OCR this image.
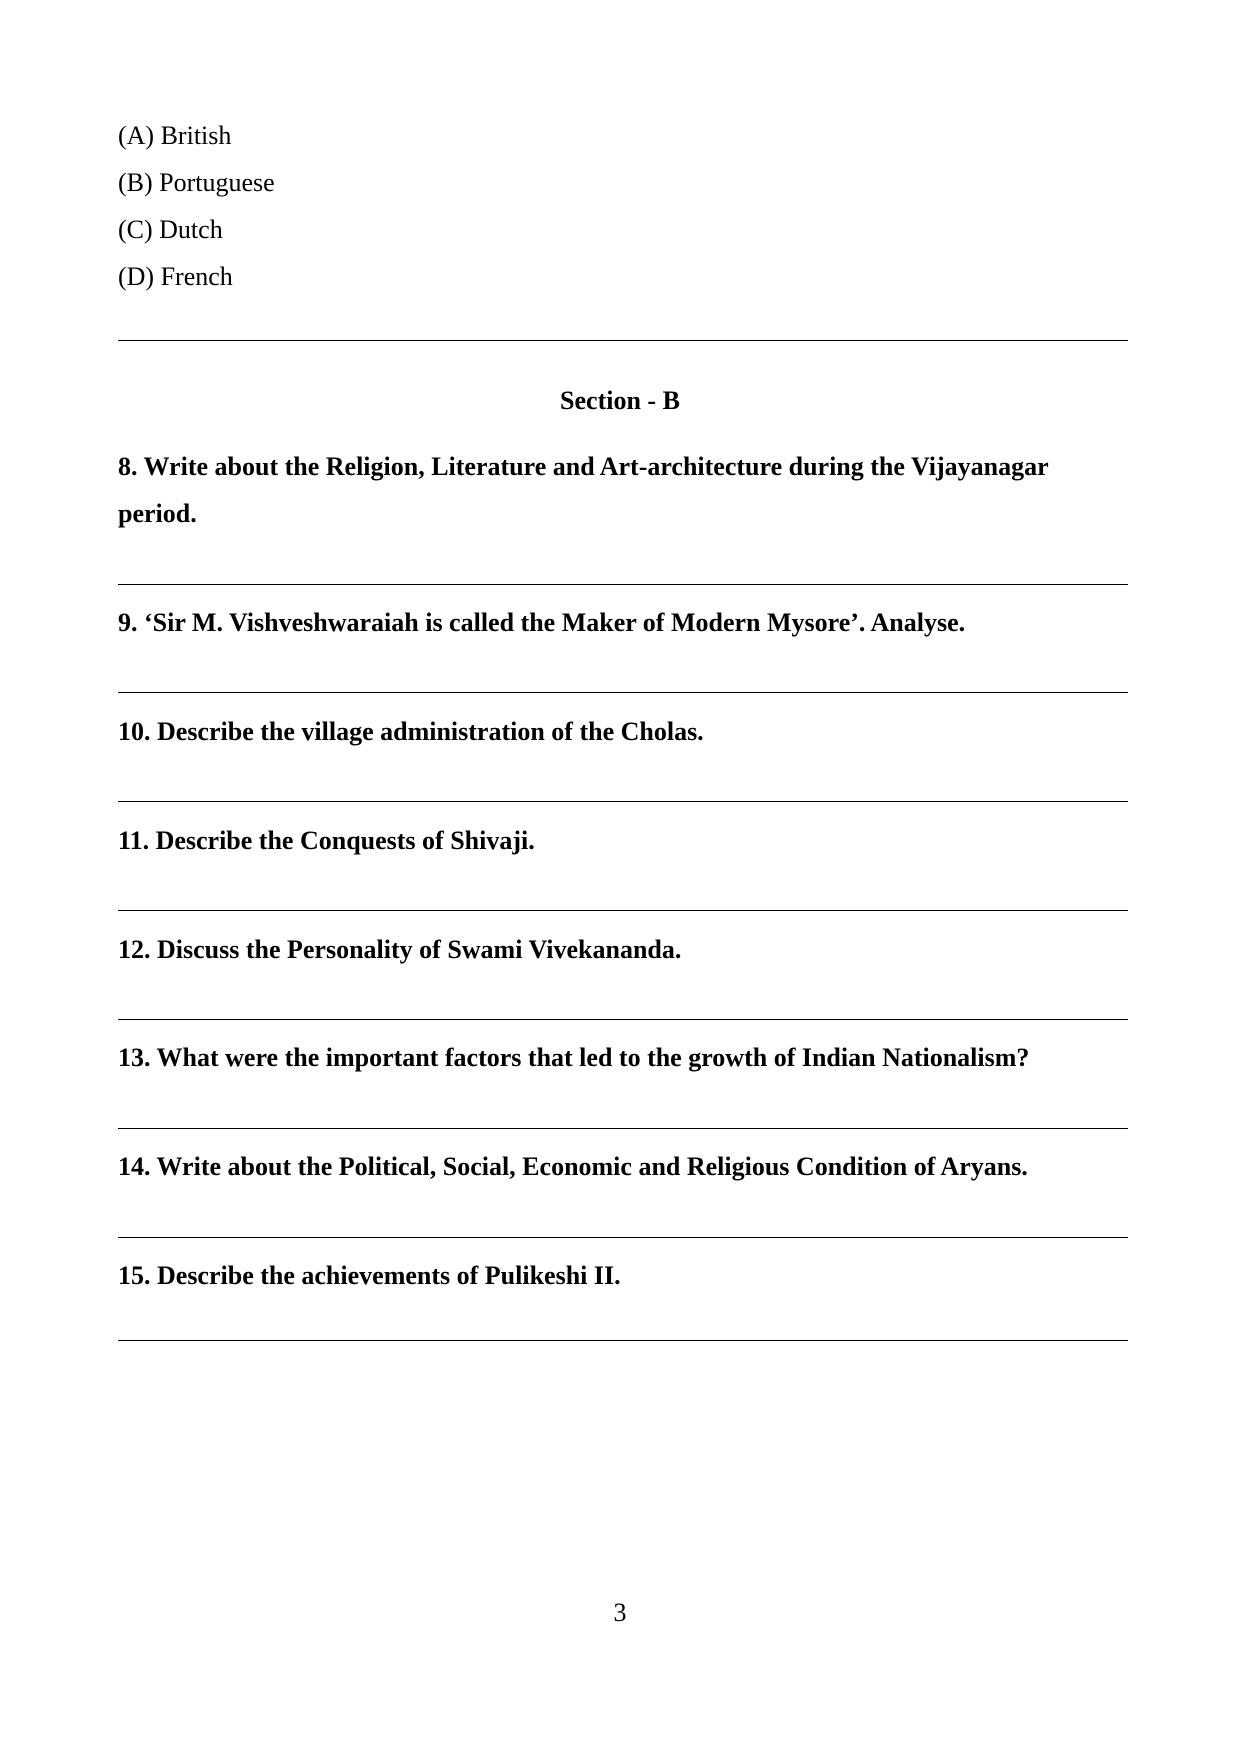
(A) British
(B) Portuguese
(C) Dutch
(D) French
Section - B

8. Write about the Religion, Literature and Art-architecture during the Vijayanagar period.

9. ‘Sir M. Vishveshwaraiah is called the Maker of Modern Mysore’. Analyse.

10. Describe the village administration of the Cholas.

11. Describe the Conquests of Shivaji.

12. Discuss the Personality of Swami Vivekananda.

13. What were the important factors that led to the growth of Indian Nationalism?

14. Write about the Political, Social, Economic and Religious Condition of Aryans.

15. Describe the achievements of Pulikeshi II.

3
